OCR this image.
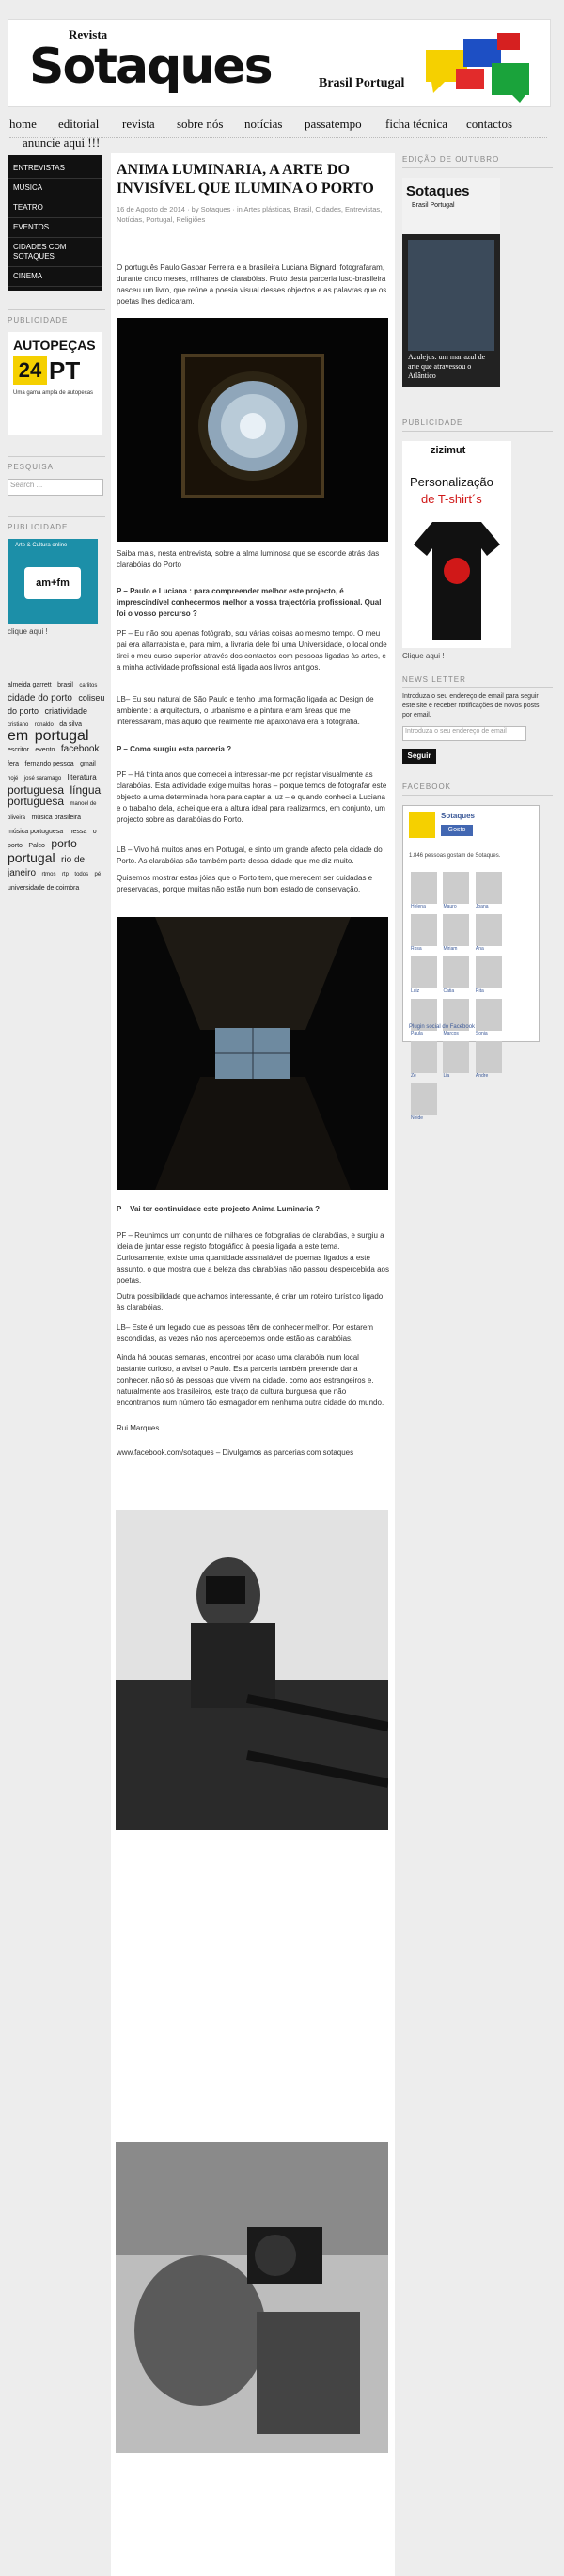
Revista
Sotaques	Brasil Portugal
home editorial revista sobre nós notícias passatempo ficha técnica contactos
anuncie aqui !!!
ENTREVISTAS
MUSICA
TEATRO
EVENTOS
CIDADES COM SOTAQUES
CINEMA
PUBLICIDADE
AUTOPEÇAS
24 PT
Uma gama ampla de autopeças
PESQUISA
Search ...
PUBLICIDADE
Arte & Cultura online
am+fm
clique aqui !
almeida garrett brasil carlitos cidade do porto coliseu do porto criatividade cristiano ronaldo da silva em portugal escritor evento facebook fera fernando pessoa gmail hojé josé saramago literatura portuguesa língua portuguesa manoel de oliveira música brasileira música portuguesa nessa o porto Palco porto portugal rio de janeiro rtmos rtp todos pé universidade de coimbra
ANIMA LUMINARIA, A ARTE DO INVISÍVEL QUE ILUMINA O PORTO
16 de Agosto de 2014 · by Sotaques · in Artes plásticas, Brasil, Cidades, Entrevistas, Notícias, Portugal, Religiões

O português Paulo Gaspar Ferreira e a brasileira Luciana Bignardi fotografaram, durante cinco meses, milhares de clarabóias. Fruto desta parceria luso-brasileira nasceu um livro, que reúne a poesia visual desses objectos e as palavras que os poetas lhes dedicaram.

Saiba mais, nesta entrevista, sobre a alma luminosa que se esconde atrás das clarabóias do Porto

P – Paulo e Luciana : para compreender melhor este projecto, é imprescindível conhecermos melhor a vossa trajectória profissional. Qual foi o vosso percurso ?

PF – Eu não sou apenas fotógrafo, sou várias coisas ao mesmo tempo. O meu pai era alfarrabista e, para mim, a livraria dele foi uma Universidade, o local onde tirei o meu curso superior através dos contactos com pessoas ligadas às artes, e a minha actividade profissional está ligada aos livros antigos.

LB– Eu sou natural de São Paulo e tenho uma formação ligada ao Design de ambiente : a arquitectura, o urbanismo e a pintura eram áreas que me interessavam, mas aquilo que realmente me apaixonava era a fotografia.

P – Como surgiu esta parceria ?

PF – Há trinta anos que comecei a interessar-me por registar visualmente as clarabóias. Esta actividade exige muitas horas – porque temos de fotografar este objecto a uma determinada hora para captar a luz – e quando conheci a Luciana e o trabalho dela, achei que era a altura ideal para realizarmos, em conjunto, um projecto sobre as clarabóias do Porto.

LB – Vivo há muitos anos em Portugal, e sinto um grande afecto pela cidade do Porto. As clarabóias são também parte dessa cidade que me diz muito.

Quisemos mostrar estas jóias que o Porto tem, que merecem ser cuidadas e preservadas, porque muitas não estão num bom estado de conservação.

P – Vai ter continuidade este projecto Anima Luminaria ?

PF – Reunimos um conjunto de milhares de fotografias de clarabóias, e surgiu a ideia de juntar esse registo fotográfico à poesia ligada a este tema. Curiosamente, existe uma quantidade assinalável de poemas ligados a este assunto, o que mostra que a beleza das clarabóias não passou despercebida aos poetas.

Outra possibilidade que achamos interessante, é criar um roteiro turístico ligado às clarabóias.

LB– Este é um legado que as pessoas têm de conhecer melhor. Por estarem escondidas, as vezes não nos apercebemos onde estão as clarabóias.

Ainda há poucas semanas, encontrei por acaso uma clarabóia num local bastante curioso, a avisei o Paulo. Esta parceria também pretende dar a conhecer, não só às pessoas que vivem na cidade, como aos estrangeiros e, naturalmente aos brasileiros, este traço da cultura burguesa que não encontramos num número tão esmagador em nenhuma outra cidade do mundo.

Rui Marques

www.facebook.com/sotaques – Divulgamos as parcerias com sotaques

EDIÇÃO DE OUTUBRO
Sotaques
Brasil Portugal
Azulejos: um mar azul de arte que atravessou o Atlântico
PUBLICIDADE
zizimut
Personalização
de T-shirt´s
Clique aqui !
NEWS LETTER

Introduza o seu endereço de email para seguir este site e receber notificações de novos posts por email.

Introduza o seu endereço de email
Seguir
FACEBOOK
Sotaques
Gosto
1.846 pessoas gostam de Sotaques.
Helena
	Mauro
	Joana

Rosa
	Miriam
	Ana

Luiz
	Catia
	Rita

Paula
	Marcos
	Sonia

Zé
	Lia
	Andre

Neide
Plugin social do Facebook
